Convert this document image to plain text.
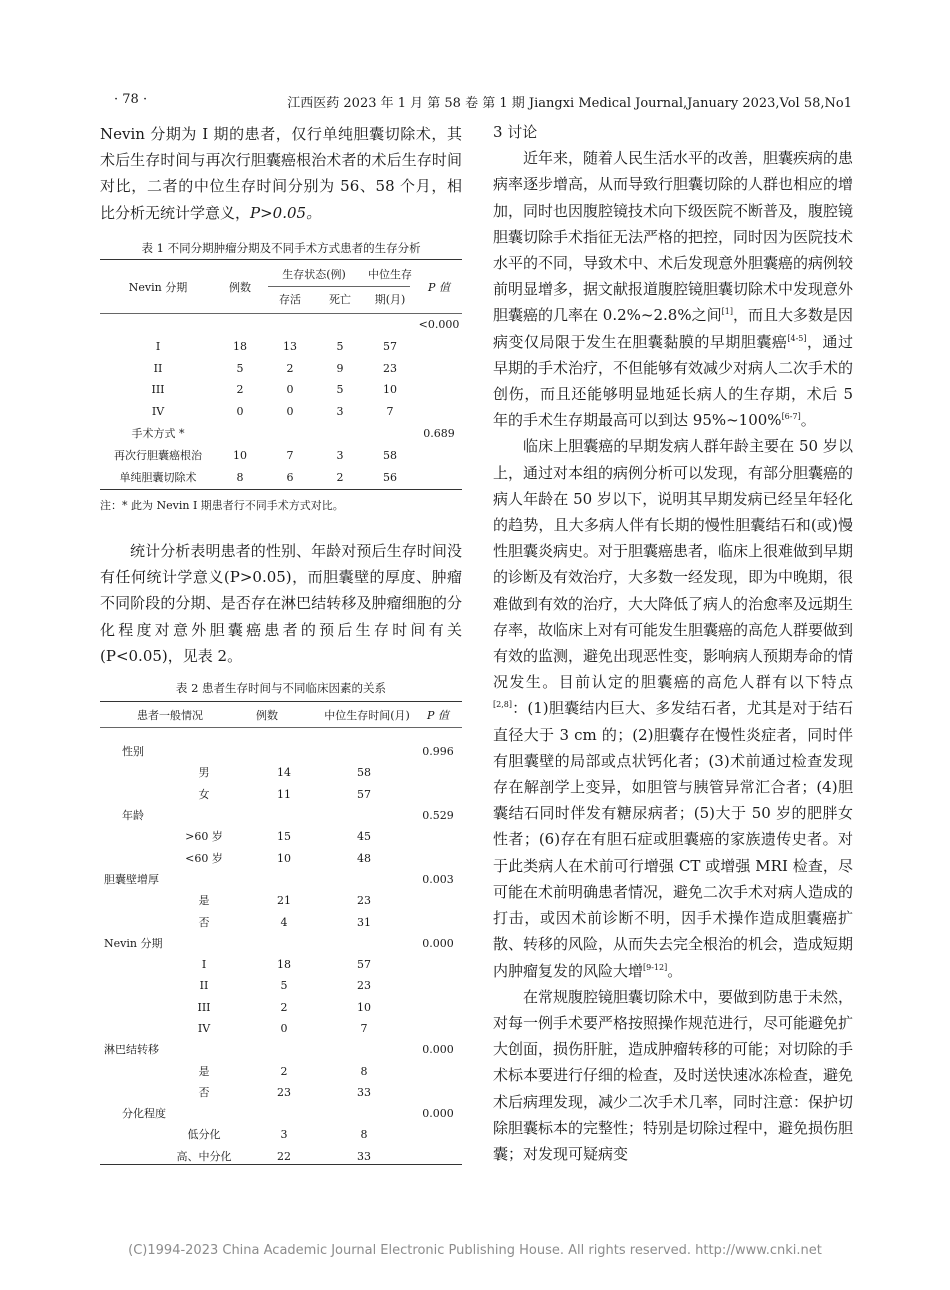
· 78 ·	江西医药 2023 年 1 月 第 58 卷 第 1 期 Jiangxi Medical Journal,January 2023,Vol 58,No1

Nevin 分期为 I 期的患者，仅行单纯胆囊切除术，其术后生存时间与再次行胆囊癌根治术者的术后生存时间对比，二者的中位生存时间分别为 56、58 个月，相比分析无统计学意义，P>0.05。

表 1 不同分期肿瘤分期及不同手术方式患者的生存分析
Nevin 分期	例数	生存状态(例)		中位生存	P 值
		存活	死亡	期(月)	
					<0.000
I	18	13	5	57	
II	5	2	9	23	
III	2	0	5	10	
IV	0	0	3	7	
手术方式 *					0.689
再次行胆囊癌根治	10	7	3	58	
单纯胆囊切除术	8	6	2	56	
注：* 此为 Nevin I 期患者行不同手术方式对比。

统计分析表明患者的性别、年龄对预后生存时间没有任何统计学意义(P>0.05)，而胆囊壁的厚度、肿瘤不同阶段的分期、是否存在淋巴结转移及肿瘤细胞的分化程度对意外胆囊癌患者的预后生存时间有关(P<0.05)，见表 2。

表 2 患者生存时间与不同临床因素的关系
患者一般情况	例数		中位生存时间(月)	P 值
性别				0.996
	男	14	58	
	女	11	57	
年龄				0.529
	>60 岁	15	45	
	<60 岁	10	48	
胆囊壁增厚				0.003
	是	21	23	
	否	4	31	
Nevin 分期				0.000
	I	18	57	
	II	5	23	
	III	2	10	
	IV	0	7	
淋巴结转移				0.000
	是	2	8	
	否	23	33	
分化程度				0.000
	低分化	3	8	
	高、中分化	22	33	

3 讨论

近年来，随着人民生活水平的改善，胆囊疾病的患病率逐步增高，从而导致行胆囊切除的人群也相应的增加，同时也因腹腔镜技术向下级医院不断普及，腹腔镜胆囊切除手术指征无法严格的把控，同时因为医院技术水平的不同，导致术中、术后发现意外胆囊癌的病例较前明显增多，据文献报道腹腔镜胆囊切除术中发现意外胆囊癌的几率在 0.2%~2.8%之间[1]，而且大多数是因病变仅局限于发生在胆囊黏膜的早期胆囊癌[4-5]，通过早期的手术治疗，不但能够有效减少对病人二次手术的创伤，而且还能够明显地延长病人的生存期，术后 5 年的手术生存期最高可以到达 95%~100%[6-7]。

临床上胆囊癌的早期发病人群年龄主要在 50 岁以上，通过对本组的病例分析可以发现，有部分胆囊癌的病人年龄在 50 岁以下，说明其早期发病已经呈年轻化的趋势，且大多病人伴有长期的慢性胆囊结石和(或)慢性胆囊炎病史。对于胆囊癌患者，临床上很难做到早期的诊断及有效治疗，大多数一经发现，即为中晚期，很难做到有效的治疗，大大降低了病人的治愈率及远期生存率，故临床上对有可能发生胆囊癌的高危人群要做到有效的监测，避免出现恶性变，影响病人预期寿命的情况发生。目前认定的胆囊癌的高危人群有以下特点[2,8]：(1)胆囊结内巨大、多发结石者，尤其是对于结石直径大于 3 cm 的；(2)胆囊存在慢性炎症者，同时伴有胆囊壁的局部或点状钙化者；(3)术前通过检查发现存在解剖学上变异，如胆管与胰管异常汇合者；(4)胆囊结石同时伴发有糖尿病者；(5)大于 50 岁的肥胖女性者；(6)存在有胆石症或胆囊癌的家族遗传史者。对于此类病人在术前可行增强 CT 或增强 MRI 检查，尽可能在术前明确患者情况，避免二次手术对病人造成的打击，或因术前诊断不明，因手术操作造成胆囊癌扩散、转移的风险，从而失去完全根治的机会，造成短期内肿瘤复发的风险大增[9-12]。

在常规腹腔镜胆囊切除术中，要做到防患于未然，对每一例手术要严格按照操作规范进行，尽可能避免扩大创面，损伤肝脏，造成肿瘤转移的可能；对切除的手术标本要进行仔细的检查，及时送快速冰冻检查，避免术后病理发现，减少二次手术几率，同时注意：保护切除胆囊标本的完整性；特别是切除过程中，避免损伤胆囊；对发现可疑病变

(C)1994-2023 China Academic Journal Electronic Publishing House. All rights reserved. http://www.cnki.net
